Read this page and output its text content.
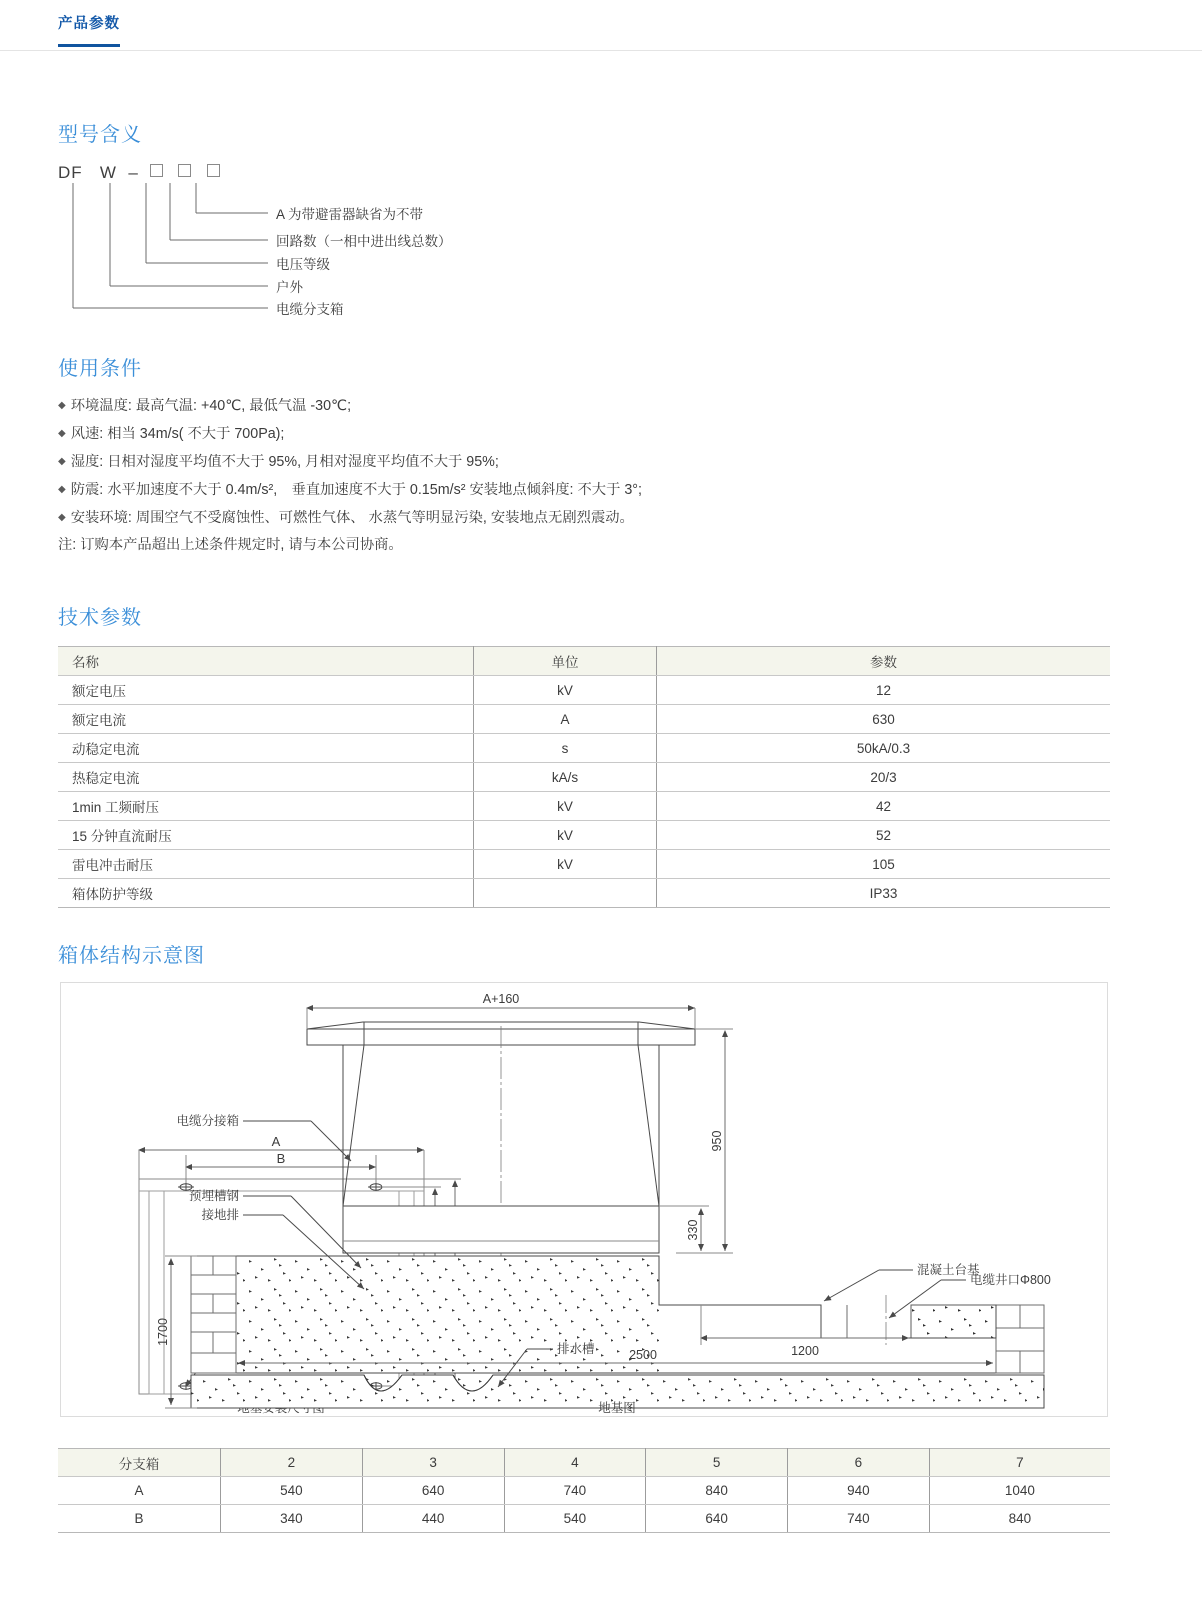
产品参数
型号含义
DF W –
A 为带避雷器缺省为不带
回路数（一相中进出线总数）
电压等级
户外
电缆分支箱
使用条件
◆ 环境温度: 最高气温: +40℃, 最低气温 -30℃;
◆ 风速: 相当 34m/s( 不大于 700Pa);
◆ 湿度: 日相对湿度平均值不大于 95%, 月相对湿度平均值不大于 95%;
◆ 防震: 水平加速度不大于 0.4m/s²,　垂直加速度不大于 0.15m/s² 安装地点倾斜度: 不大于 3°;
◆ 安装环境: 周围空气不受腐蚀性、可燃性气体、 水蒸气等明显污染, 安装地点无剧烈震动。
注: 订购本产品超出上述条件规定时, 请与本公司协商。
技术参数
名称	单位	参数
额定电压	kV	12
额定电流	A	630
动稳定电流	s	50kA/0.3
热稳定电流	kA/s	20/3
1min 工频耐压	kV	42
15 分钟直流耐压	kV	52
雷电冲击耐压	kV	105
箱体防护等级		IP33
箱体结构示意图
A
B
A+160
950
330
1700
2500	1200
电缆分接箱
预埋槽钢
接地排
混凝土台基
电缆井口Φ800
排水槽
地基图
分支箱	2	3	4	5	6	7
A	540	640	740	840	940	1040
B	340	440	540	640	740	840
